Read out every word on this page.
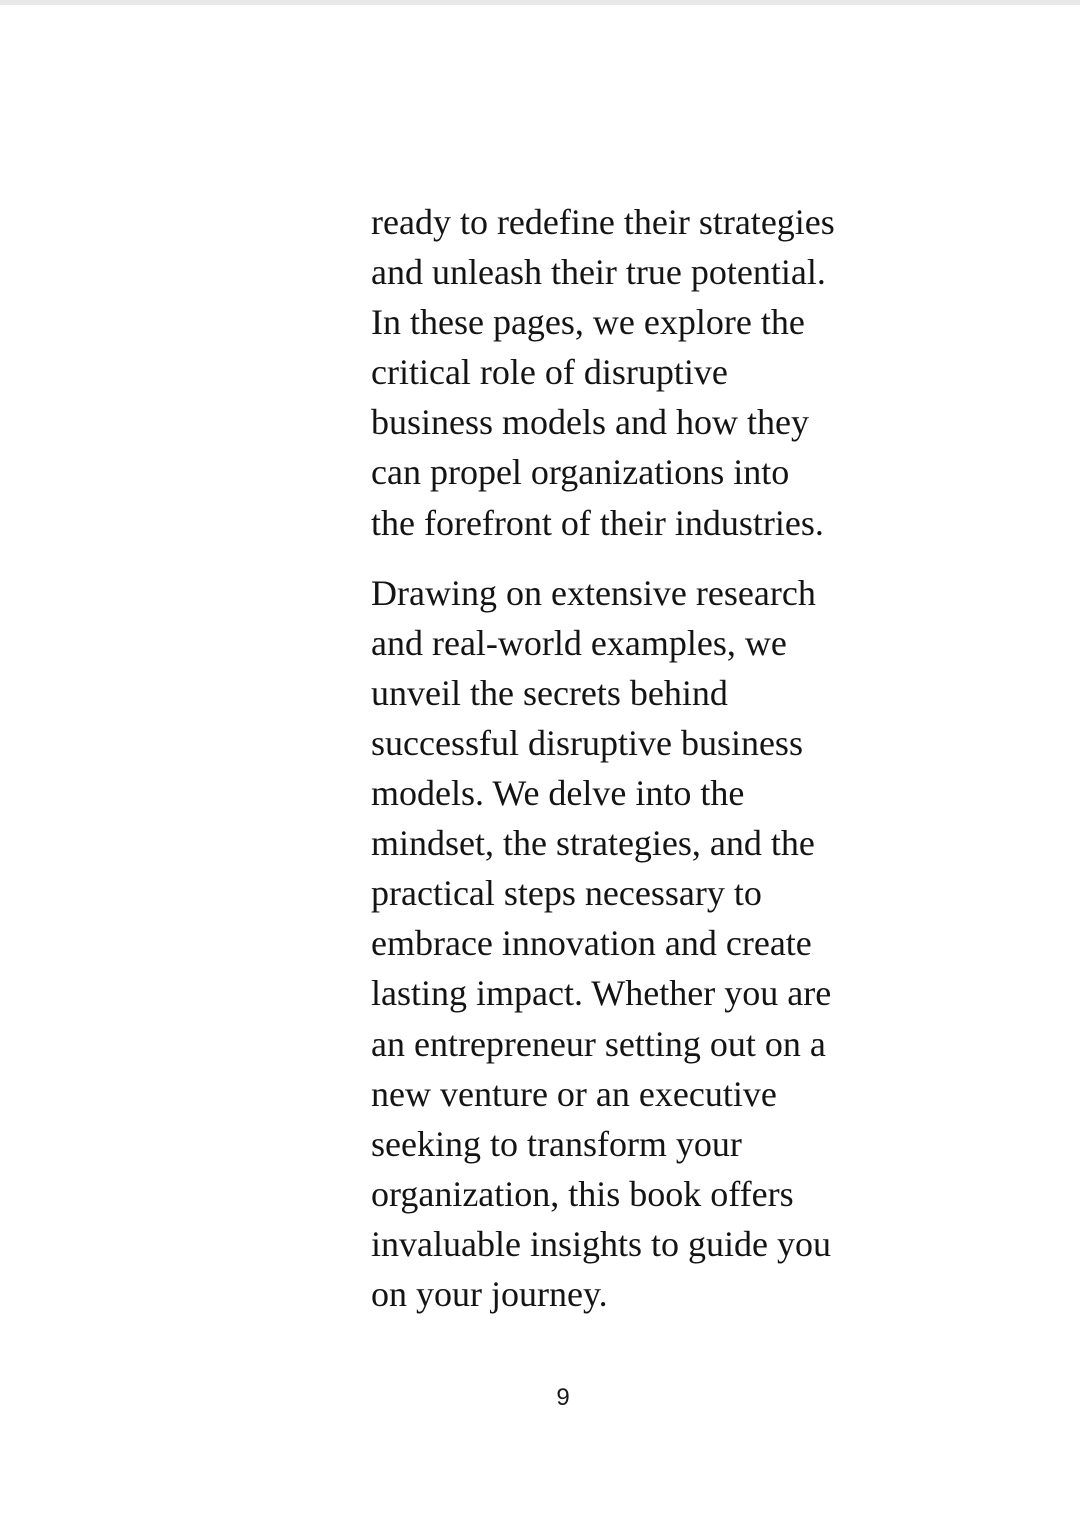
ready to redefine their strategies
and unleash their true potential.
In these pages, we explore the
critical role of disruptive
business models and how they
can propel organizations into
the forefront of their industries.

Drawing on extensive research
and real-world examples, we
unveil the secrets behind
successful disruptive business
models. We delve into the
mindset, the strategies, and the
practical steps necessary to
embrace innovation and create
lasting impact. Whether you are
an entrepreneur setting out on a
new venture or an executive
seeking to transform your
organization, this book offers
invaluable insights to guide you
on your journey.

9
